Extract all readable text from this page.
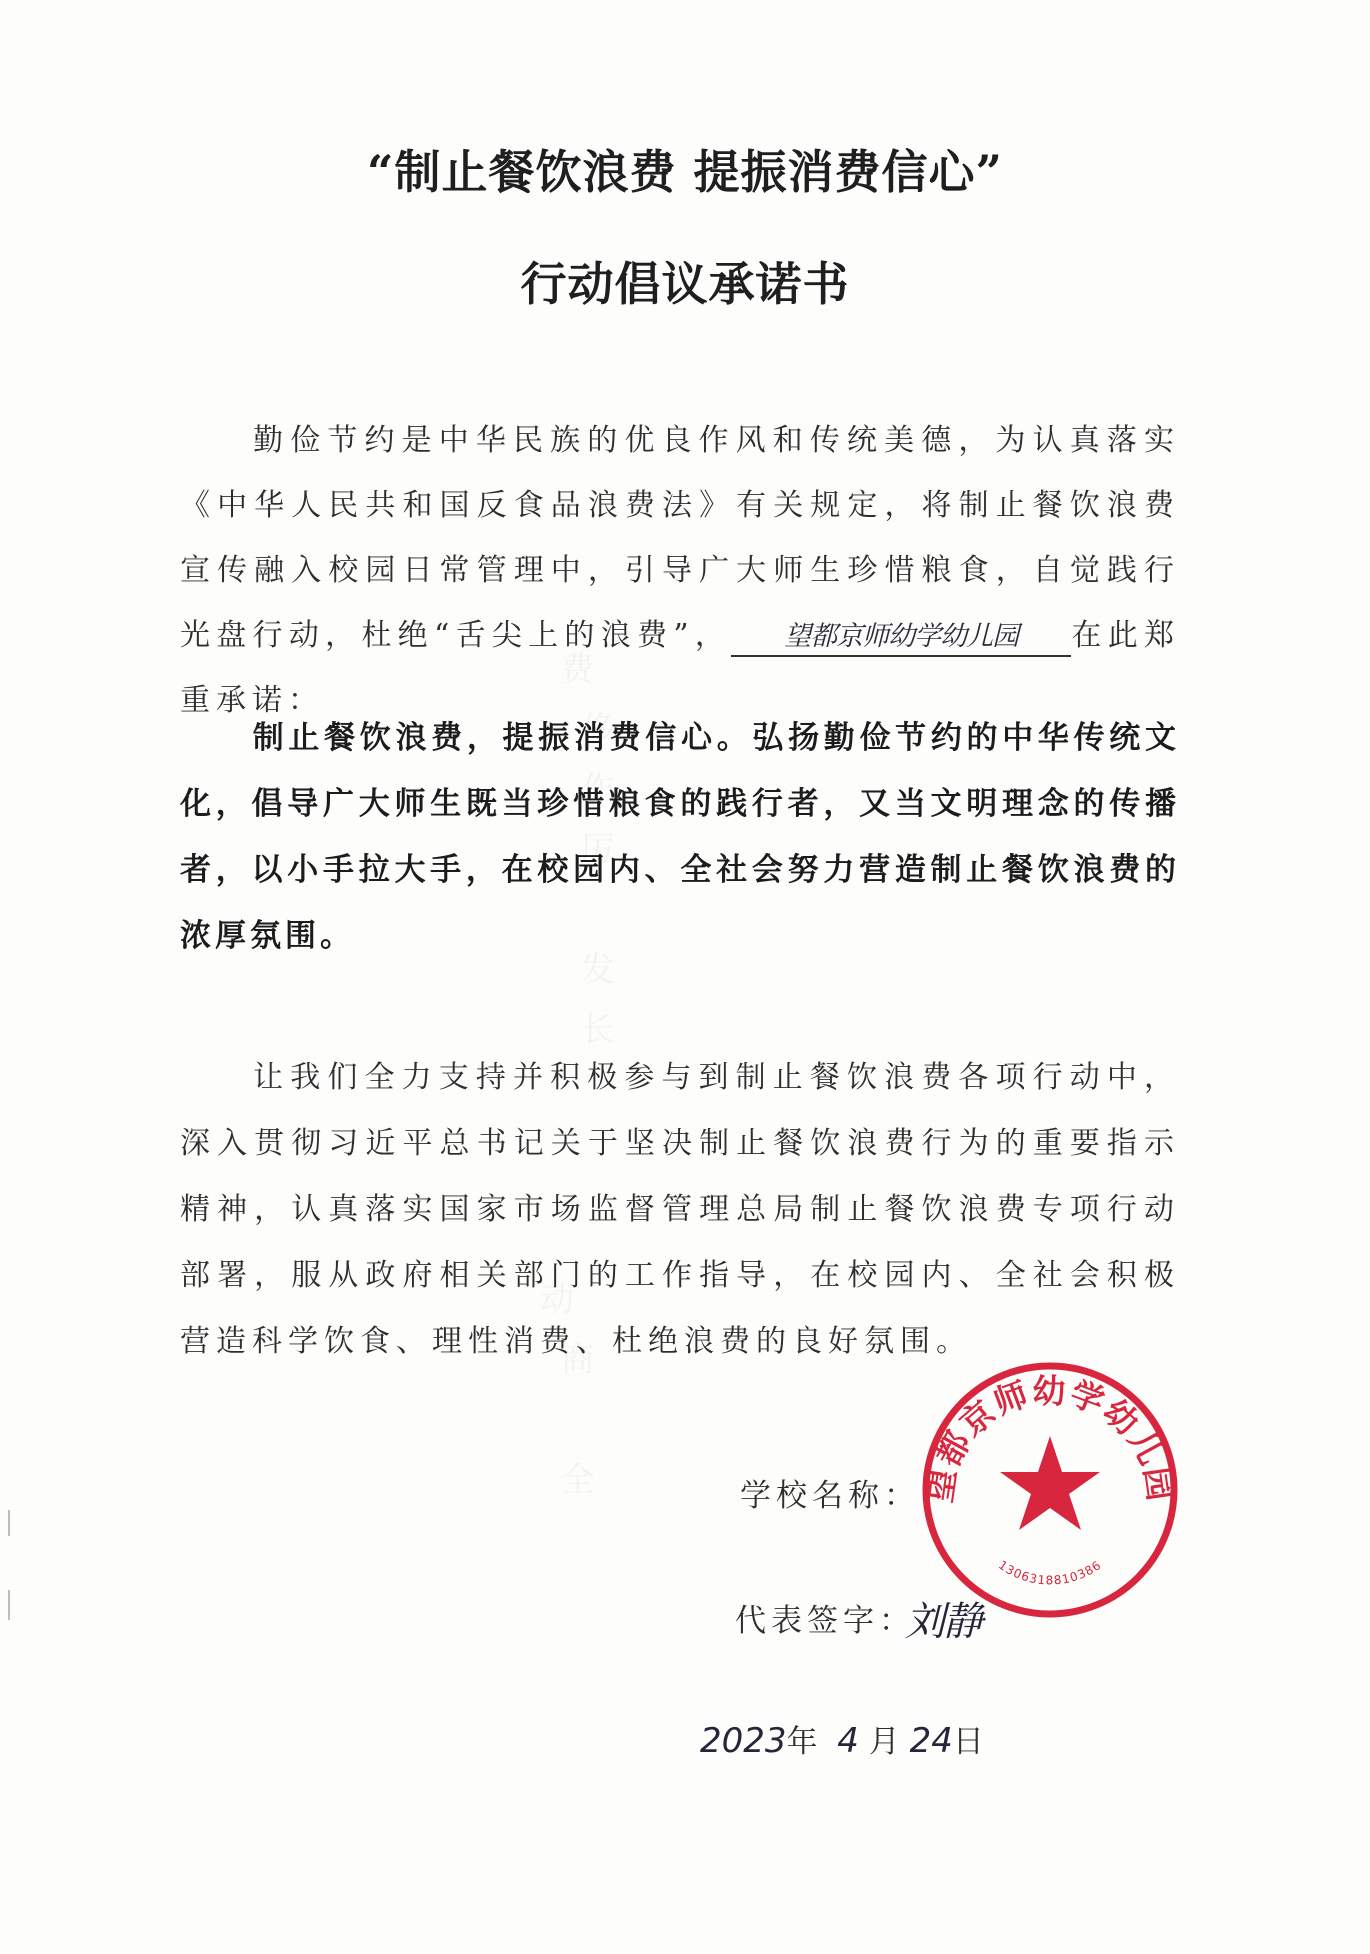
“制止餐饮浪费 提振消费信心”
行动倡议承诺书
勤俭节约是中华民族的优良作风和传统美德，为认真落实《中华人民共和国反食品浪费法》有关规定，将制止餐饮浪费宣传融入校园日常管理中，引导广大师生珍惜粮食，自觉践行光盘行动，杜绝“舌尖上的浪费”， 望都京师幼学幼儿园 在此郑重承诺：
制止餐饮浪费，提振消费信心。弘扬勤俭节约的中华传统文化，倡导广大师生既当珍惜粮食的践行者，又当文明理念的传播者，以小手拉大手，在校园内、全社会努力营造制止餐饮浪费的浓厚氛围。
让我们全力支持并积极参与到制止餐饮浪费各项行动中，深入贯彻习近平总书记关于坚决制止餐饮浪费行为的重要指示精神，认真落实国家市场监督管理总局制止餐饮浪费专项行动部署，服从政府相关部门的工作指导，在校园内、全社会积极营造科学饮食、理性消费、杜绝浪费的良好氛围。
学校名称： 望都京师幼学幼儿园
1306318810386
代表签字：
刘静
2023年 4 月 24日
